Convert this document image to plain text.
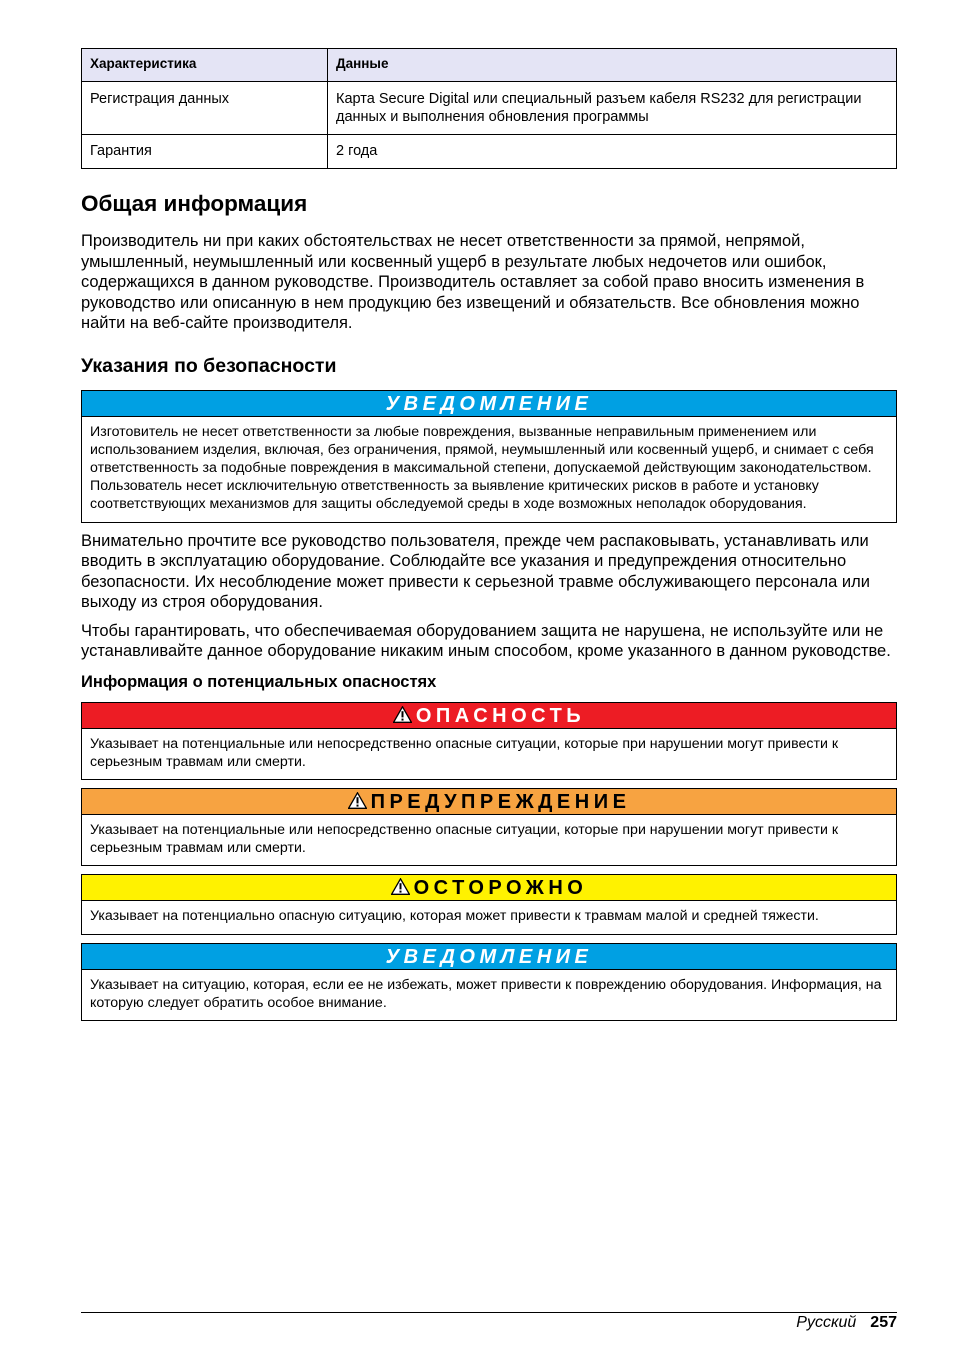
Характеристика	Данные
Регистрация данных	Карта Secure Digital или специальный разъем кабеля RS232 для регистрации данных и выполнения обновления программы
Гарантия	2 года
Общая информация

Производитель ни при каких обстоятельствах не несет ответственности за прямой, непрямой, умышленный, неумышленный или косвенный ущерб в результате любых недочетов или ошибок, содержащихся в данном руководстве. Производитель оставляет за собой право вносить изменения в руководство или описанную в нем продукцию без извещений и обязательств. Все обновления можно найти на веб-сайте производителя.

Указания по безопасности
УВЕДОМЛЕНИЕ
Изготовитель не несет ответственности за любые повреждения, вызванные неправильным применением или использованием изделия, включая, без ограничения, прямой, неумышленный или косвенный ущерб, и снимает с себя ответственность за подобные повреждения в максимальной степени, допускаемой действующим законодательством. Пользователь несет исключительную ответственность за выявление критических рисков в работе и установку соответствующих механизмов для защиты обследуемой среды в ходе возможных неполадок оборудования.

Внимательно прочтите все руководство пользователя, прежде чем распаковывать, устанавливать или вводить в эксплуатацию оборудование. Соблюдайте все указания и предупреждения относительно безопасности. Их несоблюдение может привести к серьезной травме обслуживающего персонала или выходу из строя оборудования.

Чтобы гарантировать, что обеспечиваемая оборудованием защита не нарушена, не используйте или не устанавливайте данное оборудование никаким иным способом, кроме указанного в данном руководстве.

Информация о потенциальных опасностях
ОПАСНОСТЬ
Указывает на потенциальные или непосредственно опасные ситуации, которые при нарушении могут привести к серьезным травмам или смерти.
ПРЕДУПРЕЖДЕНИЕ
Указывает на потенциальные или непосредственно опасные ситуации, которые при нарушении могут привести к серьезным травмам или смерти.
ОСТОРОЖНО
Указывает на потенциально опасную ситуацию, которая может привести к травмам малой и средней тяжести.
УВЕДОМЛЕНИЕ
Указывает на ситуацию, которая, если ее не избежать, может привести к повреждению оборудования. Информация, на которую следует обратить особое внимание.
Русский 257
